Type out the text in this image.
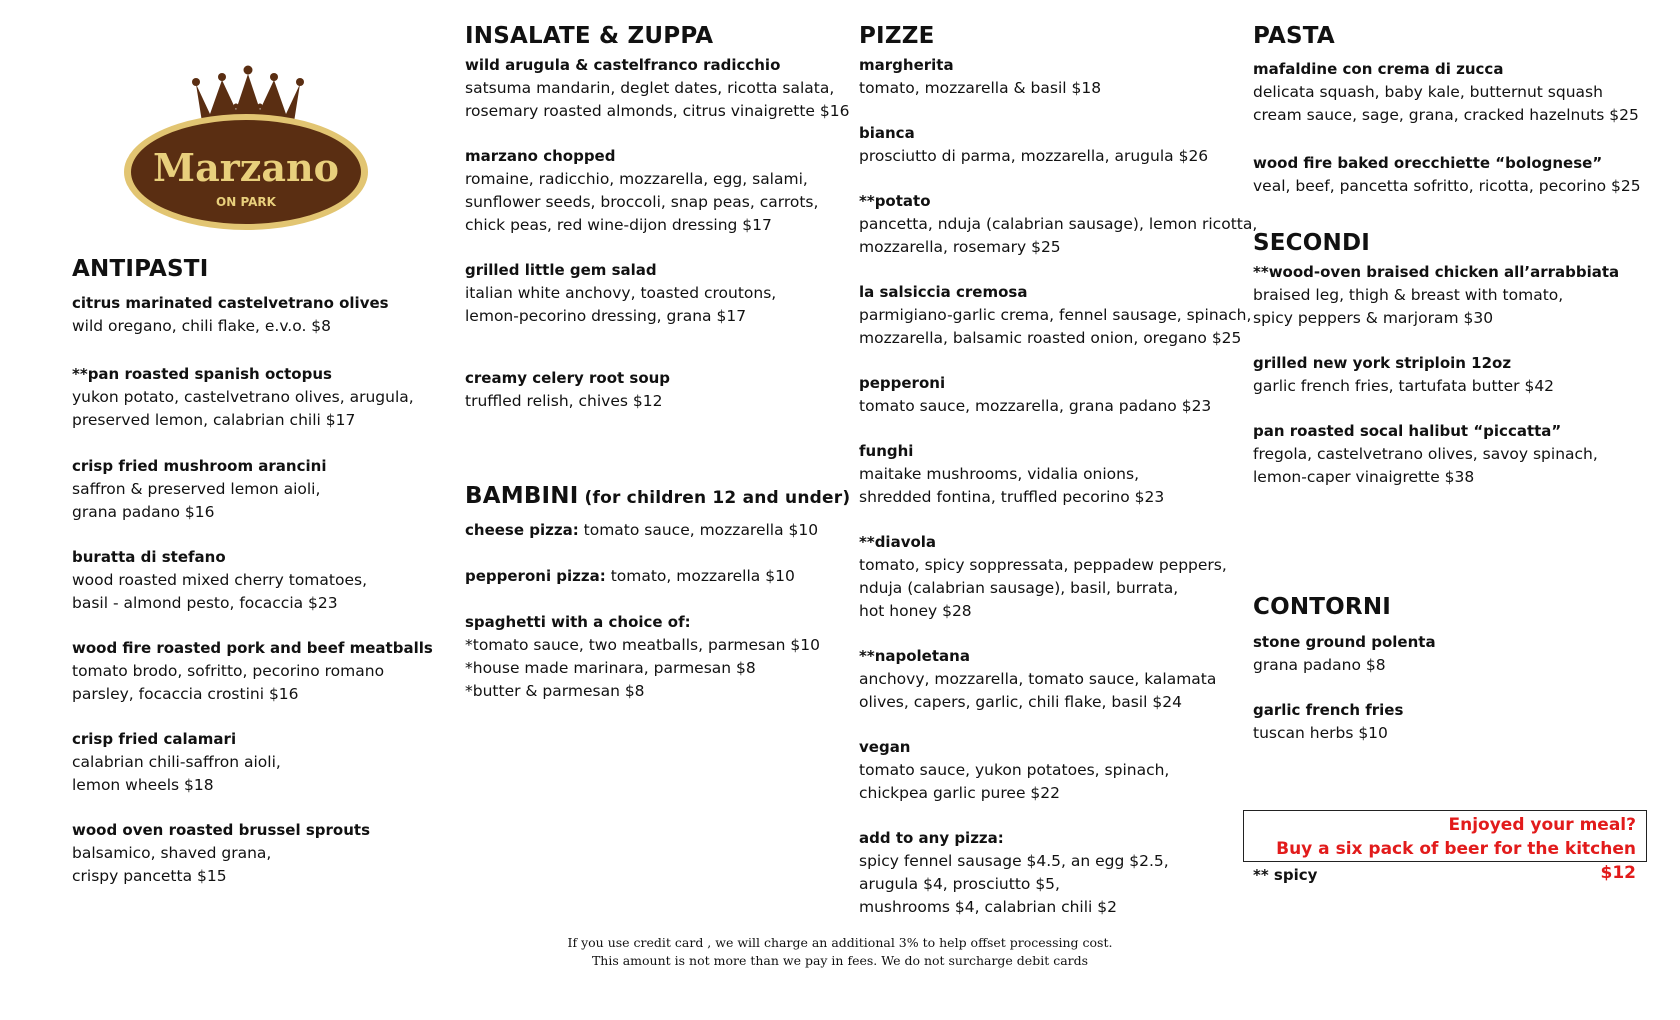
Marzano
ON PARK
ANTIPASTI
citrus marinated castelvetrano olives
wild oregano, chili flake, e.v.o. $8
**pan roasted spanish octopus
yukon potato, castelvetrano olives, arugula,
preserved lemon, calabrian chili $17
crisp fried mushroom arancini
saffron & preserved lemon aioli,
grana padano $16
buratta di stefano
wood roasted mixed cherry tomatoes,
basil - almond pesto, focaccia $23
wood fire roasted pork and beef meatballs
tomato brodo, sofritto, pecorino romano
parsley, focaccia crostini $16
crisp fried calamari
calabrian chili-saffron aioli,
lemon wheels $18
wood oven roasted brussel sprouts
balsamico, shaved grana,
crispy pancetta $15
INSALATE & ZUPPA
wild arugula & castelfranco radicchio
satsuma mandarin, deglet dates, ricotta salata,
rosemary roasted almonds, citrus vinaigrette $16
marzano chopped
romaine, radicchio, mozzarella, egg, salami,
sunflower seeds, broccoli, snap peas, carrots,
chick peas, red wine-dijon dressing $17
grilled little gem salad
italian white anchovy, toasted croutons,
lemon-pecorino dressing, grana $17
creamy celery root soup
truffled relish, chives $12
BAMBINI (for children 12 and under)
cheese pizza: tomato sauce, mozzarella $10
pepperoni pizza: tomato, mozzarella $10
spaghetti with a choice of:
*tomato sauce, two meatballs, parmesan $10
*house made marinara, parmesan $8
*butter & parmesan $8
PIZZE
margherita
tomato, mozzarella & basil $18
bianca
prosciutto di parma, mozzarella, arugula $26
**potato
pancetta, nduja (calabrian sausage), lemon ricotta,
mozzarella, rosemary $25
la salsiccia cremosa
parmigiano-garlic crema, fennel sausage, spinach,
mozzarella, balsamic roasted onion, oregano $25
pepperoni
tomato sauce, mozzarella, grana padano $23
funghi
maitake mushrooms, vidalia onions,
shredded fontina, truffled pecorino $23
**diavola
tomato, spicy soppressata, peppadew peppers,
nduja (calabrian sausage), basil, burrata,
hot honey $28
**napoletana
anchovy, mozzarella, tomato sauce, kalamata
olives, capers, garlic, chili flake, basil $24
vegan
tomato sauce, yukon potatoes, spinach,
chickpea garlic puree $22
add to any pizza:
spicy fennel sausage $4.5, an egg $2.5,
arugula $4, prosciutto $5,
mushrooms $4, calabrian chili $2
PASTA
mafaldine con crema di zucca
delicata squash, baby kale, butternut squash
cream sauce, sage, grana, cracked hazelnuts $25
wood fire baked orecchiette “bolognese”
veal, beef, pancetta sofritto, ricotta, pecorino $25
SECONDI
**wood-oven braised chicken all’arrabbiata
braised leg, thigh & breast with tomato,
spicy peppers & marjoram $30
grilled new york striploin 12oz
garlic french fries, tartufata butter $42
pan roasted socal halibut “piccatta”
fregola, castelvetrano olives, savoy spinach,
lemon-caper vinaigrette $38
CONTORNI
stone ground polenta
grana padano $8
garlic french fries
tuscan herbs $10
Enjoyed your meal?
Buy a six pack of beer for the kitchen $12
** spicy
If you use credit card , we will charge an additional 3% to help offset processing cost.
This amount is not more than we pay in fees. We do not surcharge debit cards
